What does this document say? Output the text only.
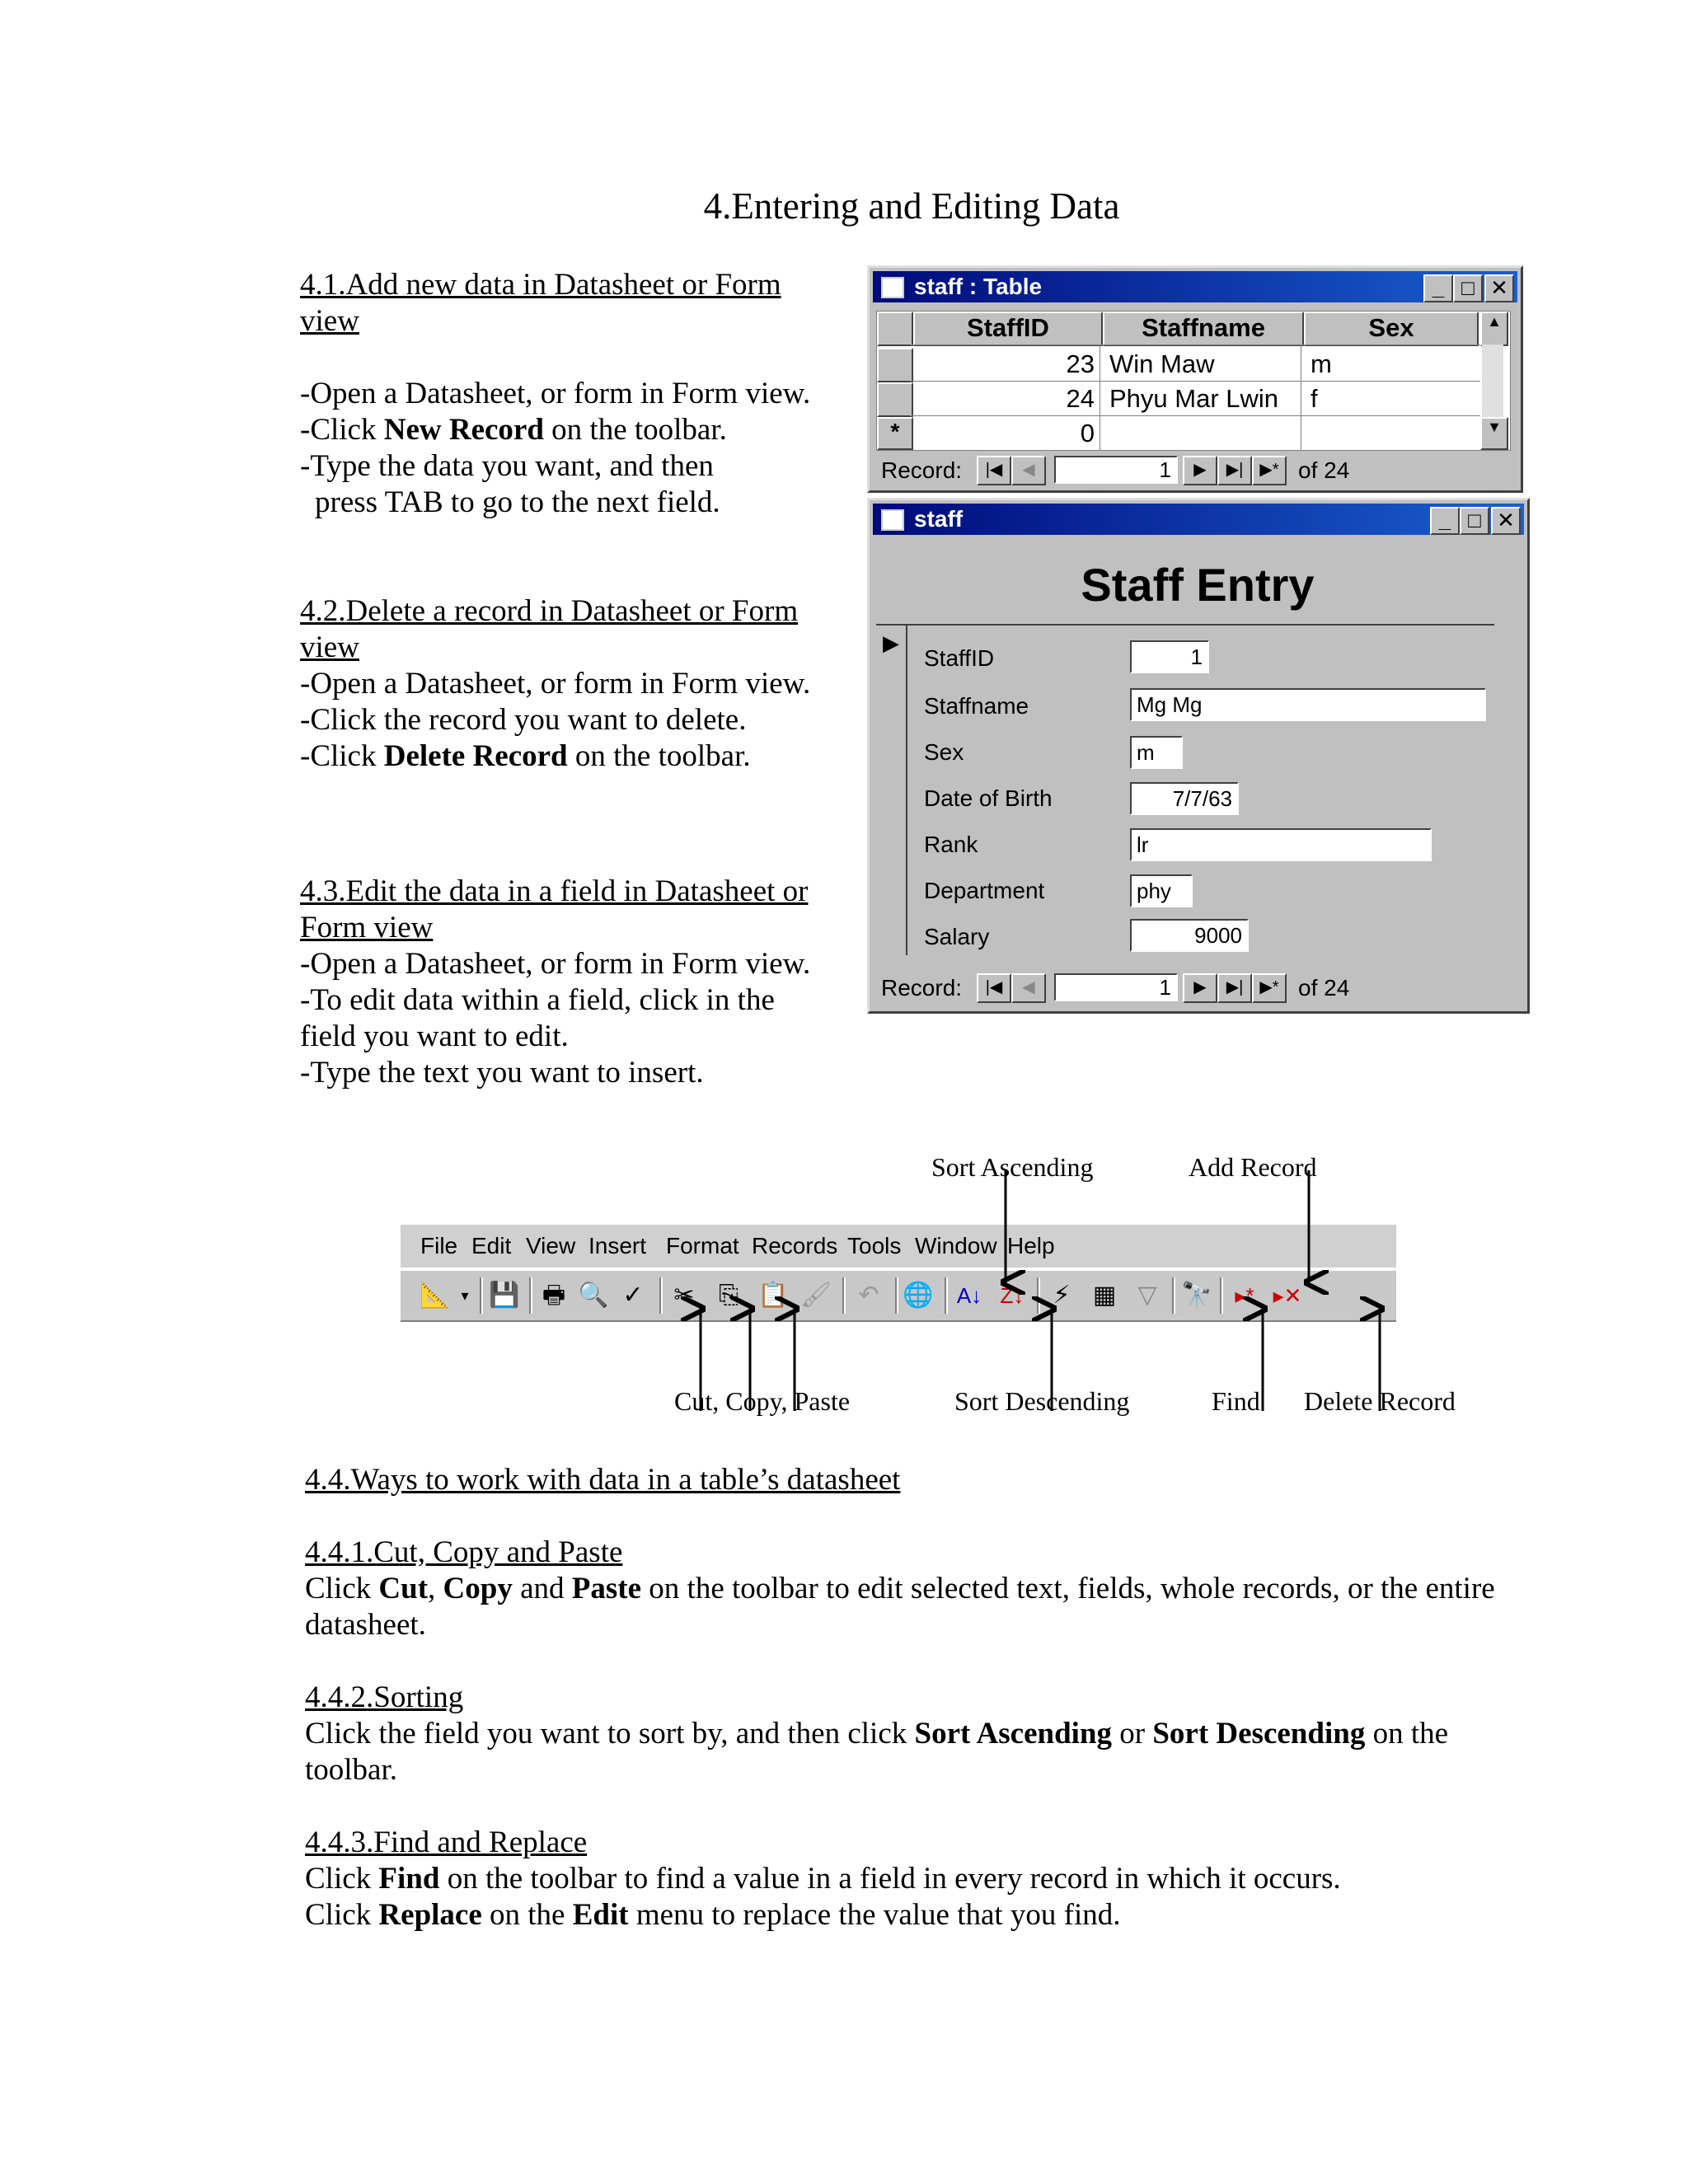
4.Entering and Editing Data
4.1.Add new data in Datasheet or Form view
-Open a Datasheet, or form in Form view.
-Click New Record on the toolbar.
-Type the data you want, and then
press TAB to go to the next field.
4.2.Delete a record in Datasheet or Form view
-Open a Datasheet, or form in Form view.
-Click the record you want to delete.
-Click Delete Record on the toolbar.
4.3.Edit the data in a field in Datasheet or Form view
-Open a Datasheet, or form in Form view.
-To edit data within a field, click in the field you want to edit.
-Type the text you want to insert.
staff : Table	_ □ ✕
StaffID	Staffname	Sex	▲
23 Win Maw	m
24 Phyu Mar Lwin f
*	0	▼
Record:	|◀	◀	1	▶	▶|	▶* of 24
staff	_ □ ✕
Staff Entry
▶
StaffID	1
Staffname	Mg Mg
Sex	m
Date of Birth	7/7/63
Rank	lr
Department	phy
Salary	9000
Record:	|◀	◀	1	▶	▶|	▶* of 24
Sort Ascending	Add Record
File Edit View Insert Format Records Tools Window Help
📐 ▾ 💾 🖶 🔍 ✓	✂ ⎘ 📋 🖌	↶ 🌐 A↓ Z↓	⚡ ▦ ▽ 🔭	▸* ▸✕
Cut, Copy, Paste	Sort Descending	Find Delete Record
4.4.Ways to work with data in a table’s datasheet
4.4.1.Cut, Copy and Paste
Click Cut, Copy and Paste on the toolbar to edit selected text, fields, whole records, or the entire datasheet.
4.4.2.Sorting
Click the field you want to sort by, and then click Sort Ascending or Sort Descending on the toolbar.
4.4.3.Find and Replace
Click Find on the toolbar to find a value in a field in every record in which it occurs.
Click Replace on the Edit menu to replace the value that you find.
